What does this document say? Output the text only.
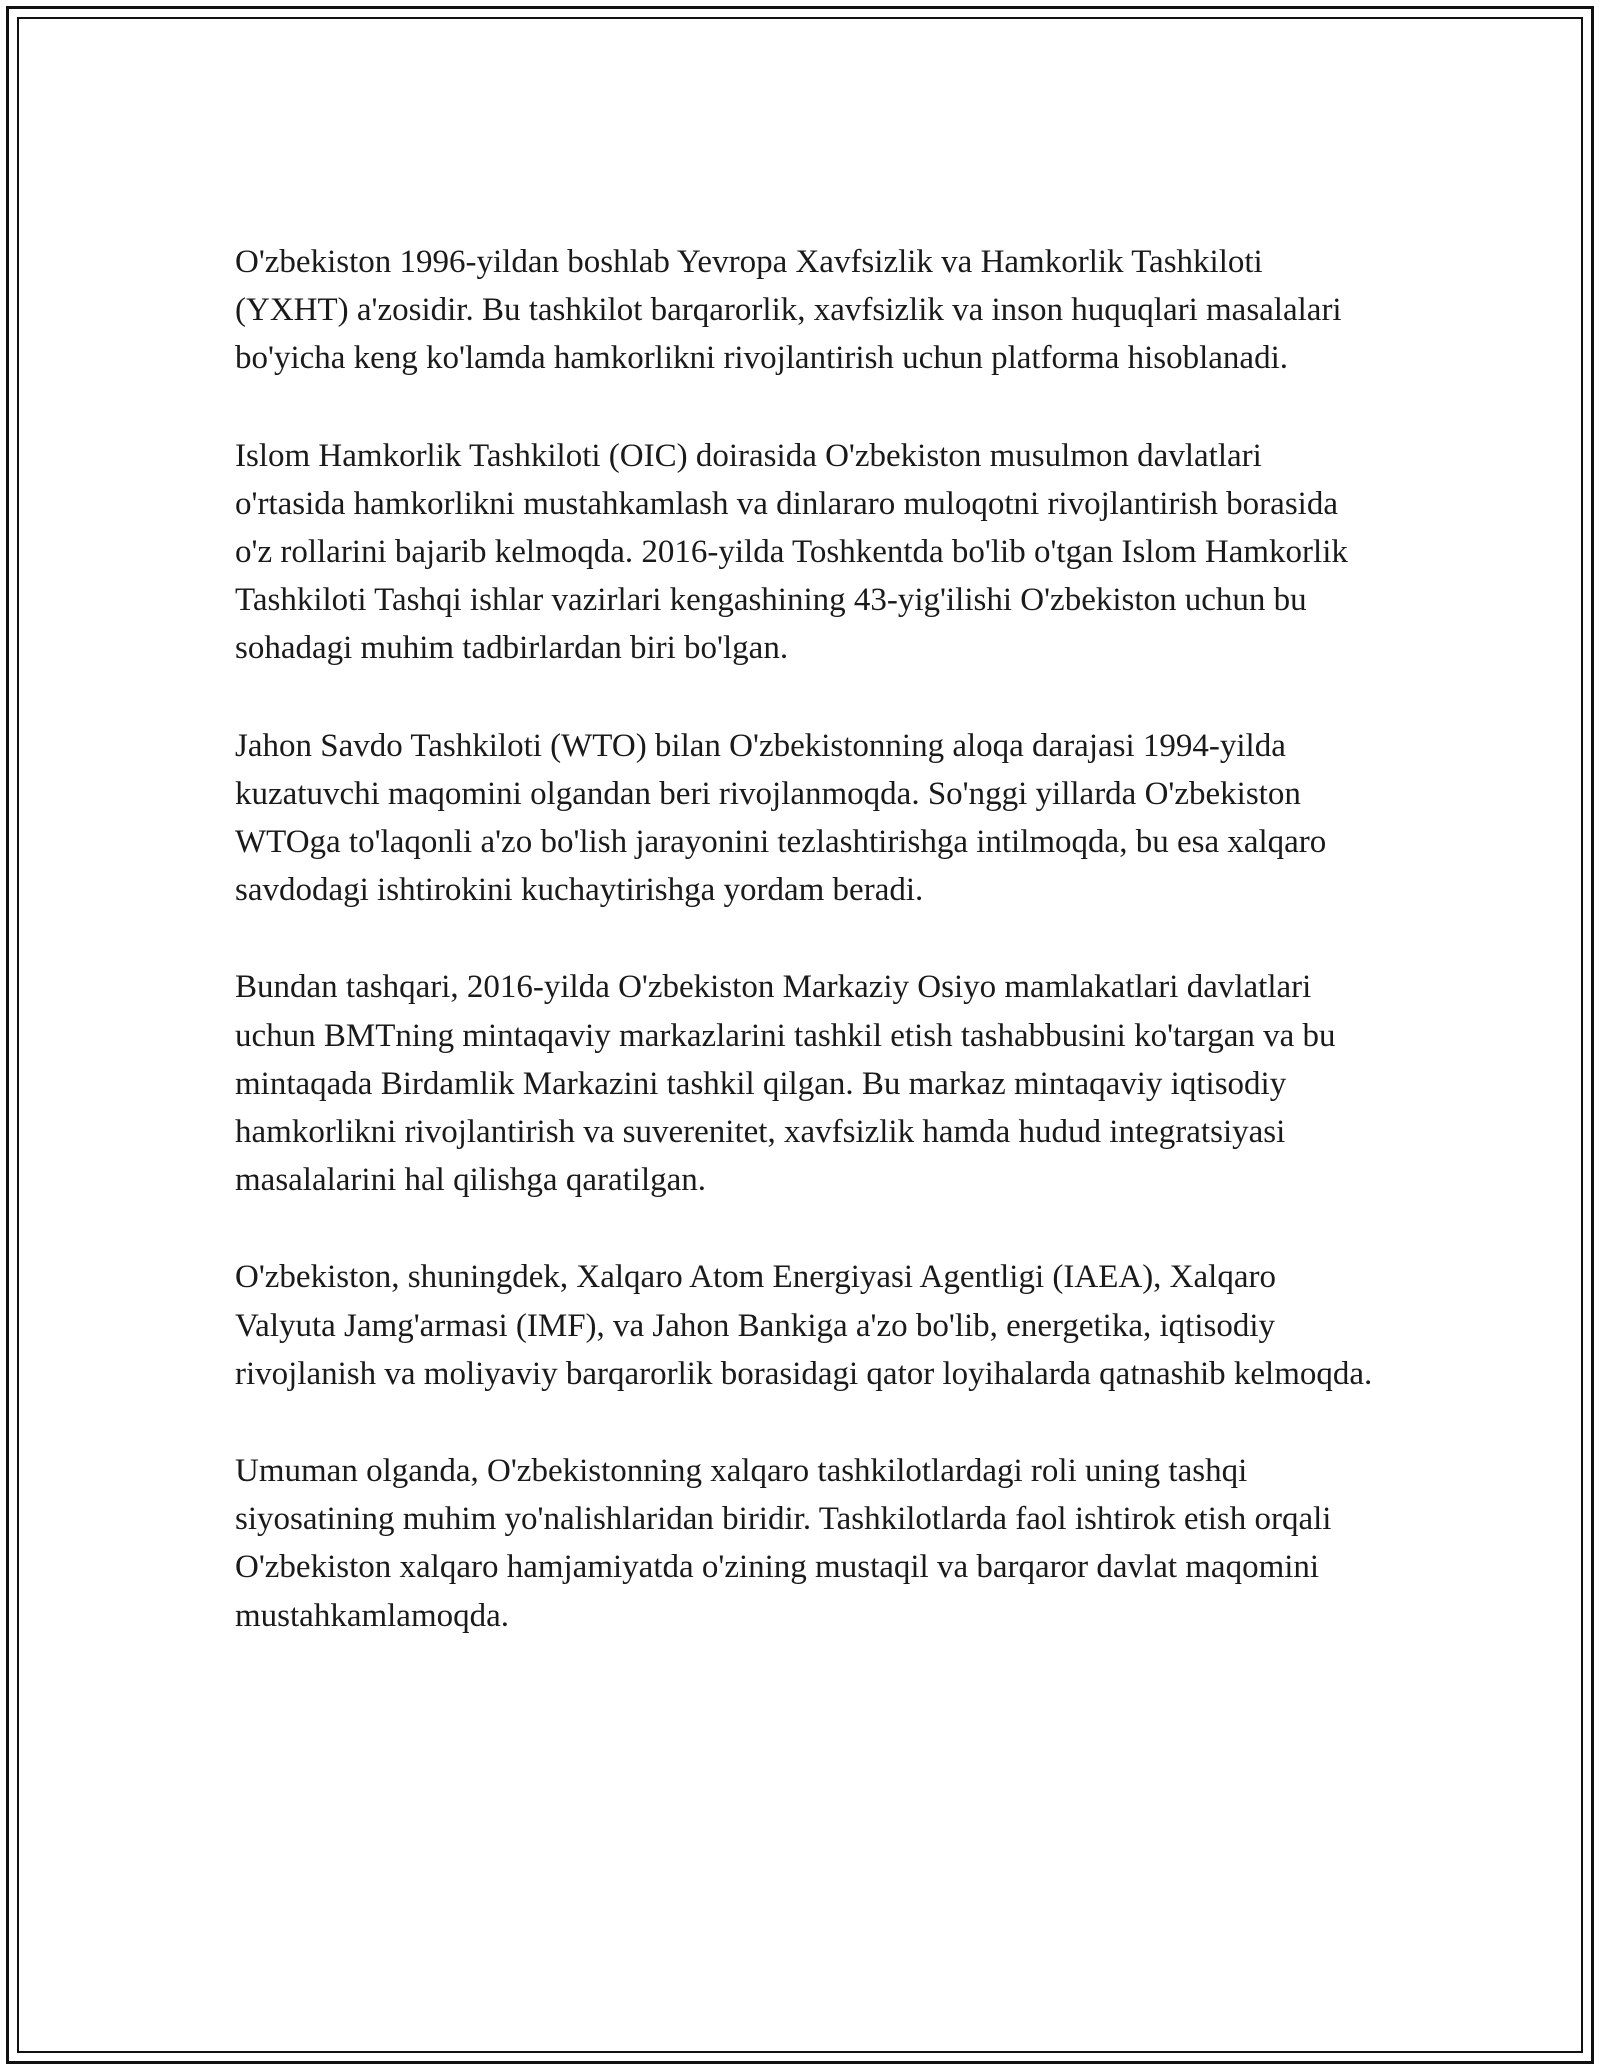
O'zbekiston 1996-yildan boshlab Yevropa Xavfsizlik va Hamkorlik Tashkiloti (YXHT) a'zosidir. Bu tashkilot barqarorlik, xavfsizlik va inson huquqlari masalalari bo'yicha keng ko'lamda hamkorlikni rivojlantirish uchun platforma hisoblanadi.

Islom Hamkorlik Tashkiloti (OIC) doirasida O'zbekiston musulmon davlatlari o'rtasida hamkorlikni mustahkamlash va dinlararo muloqotni rivojlantirish borasida o'z rollarini bajarib kelmoqda. 2016-yilda Toshkentda bo'lib o'tgan Islom Hamkorlik Tashkiloti Tashqi ishlar vazirlari kengashining 43-yig'ilishi O'zbekiston uchun bu sohadagi muhim tadbirlardan biri bo'lgan.

Jahon Savdo Tashkiloti (WTO) bilan O'zbekistonning aloqa darajasi 1994-yilda kuzatuvchi maqomini olgandan beri rivojlanmoqda. So'nggi yillarda O'zbekiston WTOga to'laqonli a'zo bo'lish jarayonini tezlashtirishga intilmoqda, bu esa xalqaro savdodagi ishtirokini kuchaytirishga yordam beradi.

Bundan tashqari, 2016-yilda O'zbekiston Markaziy Osiyo mamlakatlari davlatlari uchun BMTning mintaqaviy markazlarini tashkil etish tashabbusini ko'targan va bu mintaqada Birdamlik Markazini tashkil qilgan. Bu markaz mintaqaviy iqtisodiy hamkorlikni rivojlantirish va suverenitet, xavfsizlik hamda hudud integratsiyasi masalalarini hal qilishga qaratilgan.

O'zbekiston, shuningdek, Xalqaro Atom Energiyasi Agentligi (IAEA), Xalqaro Valyuta Jamg'armasi (IMF), va Jahon Bankiga a'zo bo'lib, energetika, iqtisodiy rivojlanish va moliyaviy barqarorlik borasidagi qator loyihalarda qatnashib kelmoqda.

Umuman olganda, O'zbekistonning xalqaro tashkilotlardagi roli uning tashqi siyosatining muhim yo'nalishlaridan biridir. Tashkilotlarda faol ishtirok etish orqali O'zbekiston xalqaro hamjamiyatda o'zining mustaqil va barqaror davlat maqomini mustahkamlamoqda.
